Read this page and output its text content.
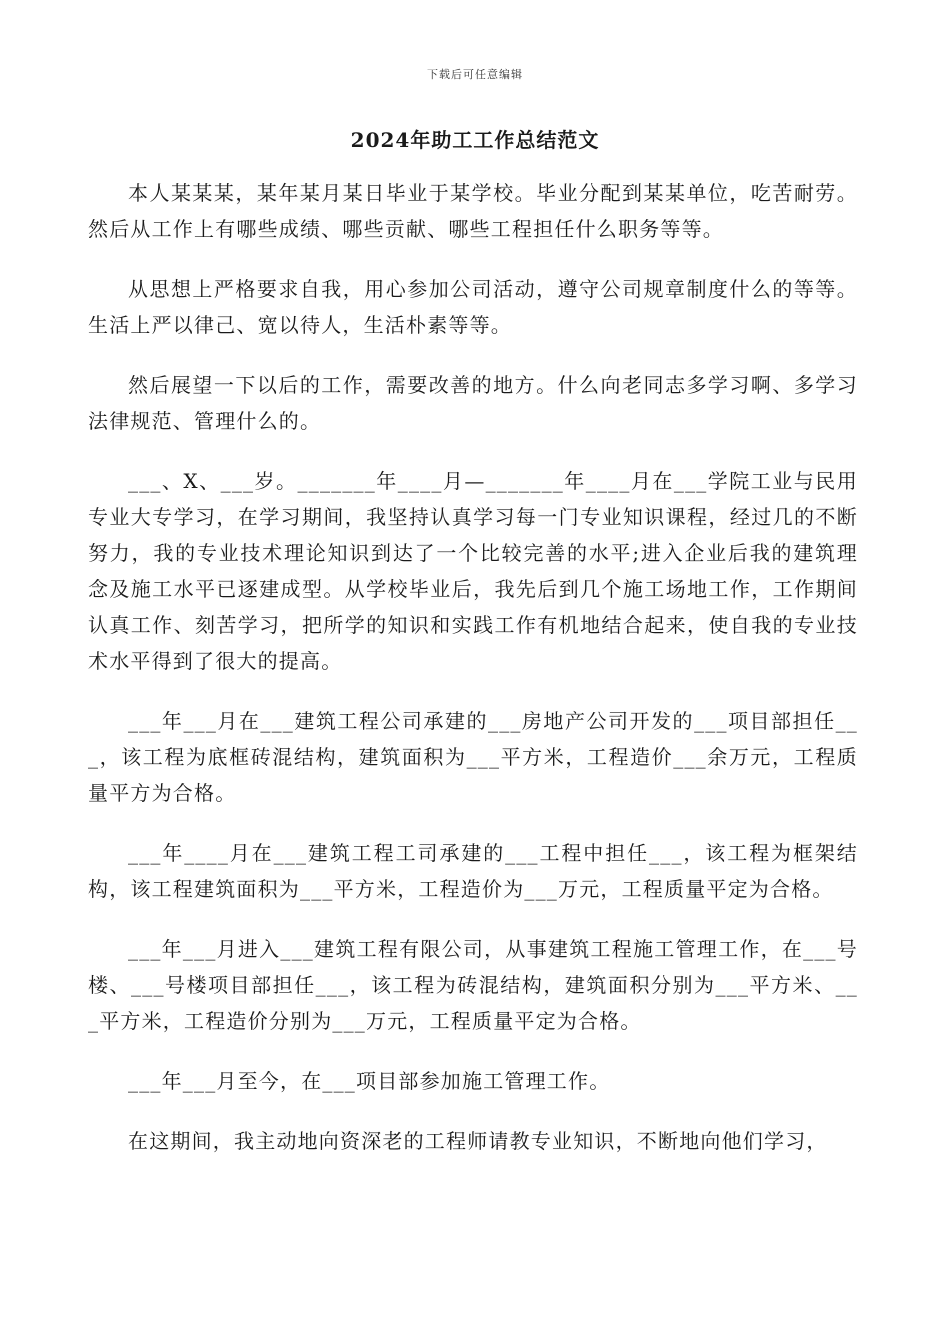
下载后可任意编辑
2024年助工工作总结范文

本人某某某，某年某月某日毕业于某学校。毕业分配到某某单位，吃苦耐劳。然后从工作上有哪些成绩、哪些贡献、哪些工程担任什么职务等等。

从思想上严格要求自我，用心参加公司活动，遵守公司规章制度什么的等等。生活上严以律己、宽以待人，生活朴素等等。

然后展望一下以后的工作，需要改善的地方。什么向老同志多学习啊、多学习法律规范、管理什么的。

___、X、___岁。_______年____月—_______年____月在___学院工业与民用专业大专学习，在学习期间，我坚持认真学习每一门专业知识课程，经过几的不断努力，我的专业技术理论知识到达了一个比较完善的水平;进入企业后我的建筑理念及施工水平已逐建成型。从学校毕业后，我先后到几个施工场地工作，工作期间认真工作、刻苦学习，把所学的知识和实践工作有机地结合起来，使自我的专业技术水平得到了很大的提高。

___年___月在___建筑工程公司承建的___房地产公司开发的___项目部担任___，该工程为底框砖混结构，建筑面积为___平方米，工程造价___余万元，工程质量平方为合格。

___年____月在___建筑工程工司承建的___工程中担任___，该工程为框架结构，该工程建筑面积为___平方米，工程造价为___万元，工程质量平定为合格。

___年___月进入___建筑工程有限公司，从事建筑工程施工管理工作，在___号楼、___号楼项目部担任___，该工程为砖混结构，建筑面积分别为___平方米、___平方米，工程造价分别为___万元，工程质量平定为合格。

___年___月至今，在___项目部参加施工管理工作。

在这期间，我主动地向资深老的工程师请教专业知识，不断地向他们学习，
